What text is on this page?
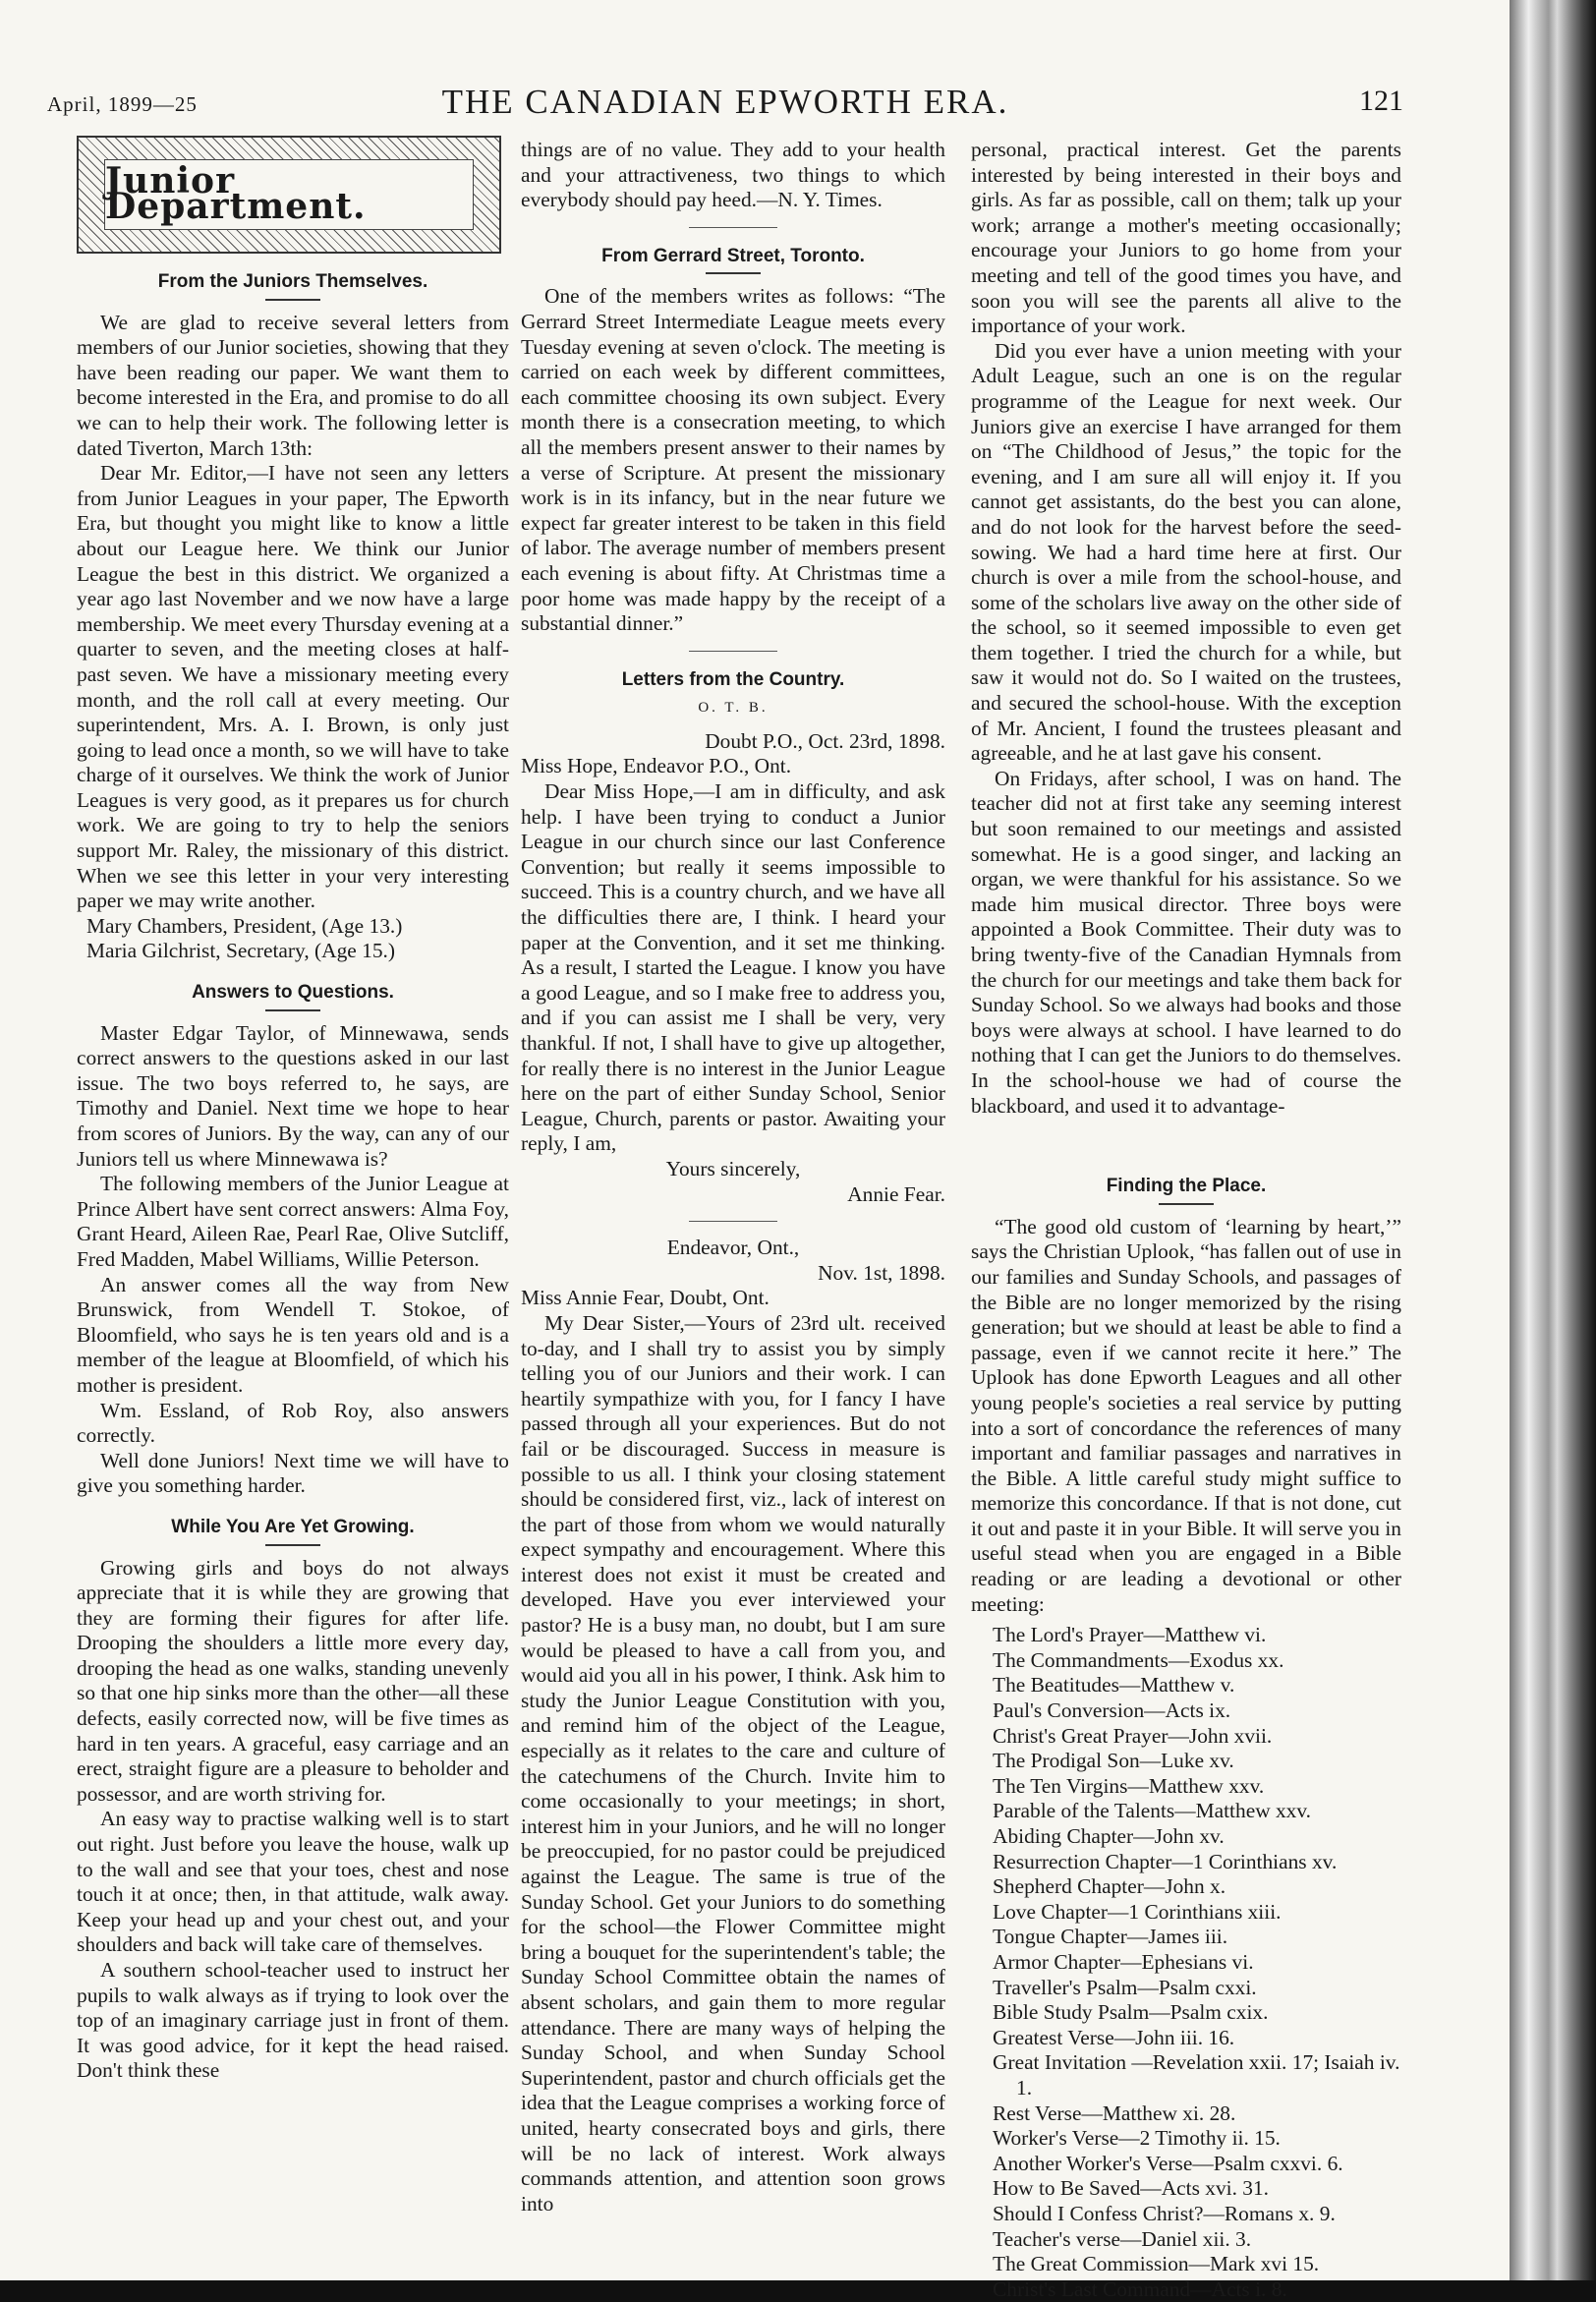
April, 1899—25	THE CANADIAN EPWORTH ERA.	121
Junior Department.
From the Juniors Themselves.

We are glad to receive several letters from members of our Junior societies, showing that they have been reading our paper. We want them to become interested in the Era, and promise to do all we can to help their work. The following letter is dated Tiverton, March 13th:

Dear Mr. Editor,—I have not seen any letters from Junior Leagues in your paper, The Epworth Era, but thought you might like to know a little about our League here. We think our Junior League the best in this district. We organized a year ago last November and we now have a large membership. We meet every Thursday evening at a quarter to seven, and the meeting closes at half-past seven. We have a missionary meeting every month, and the roll call at every meeting. Our superintendent, Mrs. A. I. Brown, is only just going to lead once a month, so we will have to take charge of it ourselves. We think the work of Junior Leagues is very good, as it prepares us for church work. We are going to try to help the seniors support Mr. Raley, the missionary of this district. When we see this letter in your very interesting paper we may write another.

Mary Chambers, President, (Age 13.)

Maria Gilchrist, Secretary, (Age 15.)

Answers to Questions.

Master Edgar Taylor, of Minnewawa, sends correct answers to the questions asked in our last issue. The two boys referred to, he says, are Timothy and Daniel. Next time we hope to hear from scores of Juniors. By the way, can any of our Juniors tell us where Minnewawa is?

The following members of the Junior League at Prince Albert have sent correct answers: Alma Foy, Grant Heard, Aileen Rae, Pearl Rae, Olive Sutcliff, Fred Madden, Mabel Williams, Willie Peterson.

An answer comes all the way from New Brunswick, from Wendell T. Stokoe, of Bloomfield, who says he is ten years old and is a member of the league at Bloomfield, of which his mother is president.

Wm. Essland, of Rob Roy, also answers correctly.

Well done Juniors! Next time we will have to give you something harder.

While You Are Yet Growing.

Growing girls and boys do not always appreciate that it is while they are growing that they are forming their figures for after life. Drooping the shoulders a little more every day, drooping the head as one walks, standing unevenly so that one hip sinks more than the other—all these defects, easily corrected now, will be five times as hard in ten years. A graceful, easy carriage and an erect, straight figure are a pleasure to beholder and possessor, and are worth striving for.

An easy way to practise walking well is to start out right. Just before you leave the house, walk up to the wall and see that your toes, chest and nose touch it at once; then, in that attitude, walk away. Keep your head up and your chest out, and your shoulders and back will take care of themselves.

A southern school-teacher used to instruct her pupils to walk always as if trying to look over the top of an imaginary carriage just in front of them. It was good advice, for it kept the head raised. Don't think these

things are of no value. They add to your health and your attractiveness, two things to which everybody should pay heed.—N. Y. Times.

From Gerrard Street, Toronto.

One of the members writes as follows: “The Gerrard Street Intermediate League meets every Tuesday evening at seven o'clock. The meeting is carried on each week by different committees, each committee choosing its own subject. Every month there is a consecration meeting, to which all the members present answer to their names by a verse of Scripture. At present the missionary work is in its infancy, but in the near future we expect far greater interest to be taken in this field of labor. The average number of members present each evening is about fifty. At Christmas time a poor home was made happy by the receipt of a substantial dinner.”

Letters from the Country.

O. T. B.

Doubt P.O., Oct. 23rd, 1898.

Miss Hope, Endeavor P.O., Ont.

Dear Miss Hope,—I am in difficulty, and ask help. I have been trying to conduct a Junior League in our church since our last Conference Convention; but really it seems impossible to succeed. This is a country church, and we have all the difficulties there are, I think. I heard your paper at the Convention, and it set me thinking. As a result, I started the League. I know you have a good League, and so I make free to address you, and if you can assist me I shall be very, very thankful. If not, I shall have to give up altogether, for really there is no interest in the Junior League here on the part of either Sunday School, Senior League, Church, parents or pastor. Awaiting your reply, I am,

Yours sincerely,

Annie Fear.

Endeavor, Ont.,

Nov. 1st, 1898.

Miss Annie Fear, Doubt, Ont.

My Dear Sister,—Yours of 23rd ult. received to-day, and I shall try to assist you by simply telling you of our Juniors and their work. I can heartily sympathize with you, for I fancy I have passed through all your experiences. But do not fail or be discouraged. Success in measure is possible to us all. I think your closing statement should be considered first, viz., lack of interest on the part of those from whom we would naturally expect sympathy and encouragement. Where this interest does not exist it must be created and developed. Have you ever interviewed your pastor? He is a busy man, no doubt, but I am sure would be pleased to have a call from you, and would aid you all in his power, I think. Ask him to study the Junior League Constitution with you, and remind him of the object of the League, especially as it relates to the care and culture of the catechumens of the Church. Invite him to come occasionally to your meetings; in short, interest him in your Juniors, and he will no longer be preoccupied, for no pastor could be prejudiced against the League. The same is true of the Sunday School. Get your Juniors to do something for the school—the Flower Committee might bring a bouquet for the superintendent's table; the Sunday School Committee obtain the names of absent scholars, and gain them to more regular attendance. There are many ways of helping the Sunday School, and when Sunday School Superintendent, pastor and church officials get the idea that the League comprises a working force of united, hearty consecrated boys and girls, there will be no lack of interest. Work always commands attention, and attention soon grows into

personal, practical interest. Get the parents interested by being interested in their boys and girls. As far as possible, call on them; talk up your work; arrange a mother's meeting occasionally; encourage your Juniors to go home from your meeting and tell of the good times you have, and soon you will see the parents all alive to the importance of your work.

Did you ever have a union meeting with your Adult League, such an one is on the regular programme of the League for next week. Our Juniors give an exercise I have arranged for them on “The Childhood of Jesus,” the topic for the evening, and I am sure all will enjoy it. If you cannot get assistants, do the best you can alone, and do not look for the harvest before the seed-sowing. We had a hard time here at first. Our church is over a mile from the school-house, and some of the scholars live away on the other side of the school, so it seemed impossible to even get them together. I tried the church for a while, but saw it would not do. So I waited on the trustees, and secured the school-house. With the exception of Mr. Ancient, I found the trustees pleasant and agreeable, and he at last gave his consent.

On Fridays, after school, I was on hand. The teacher did not at first take any seeming interest but soon remained to our meetings and assisted somewhat. He is a good singer, and lacking an organ, we were thankful for his assistance. So we made him musical director. Three boys were appointed a Book Committee. Their duty was to bring twenty-five of the Canadian Hymnals from the church for our meetings and take them back for Sunday School. So we always had books and those boys were always at school. I have learned to do nothing that I can get the Juniors to do themselves. In the school-house we had of course the blackboard, and used it to advantage-

Finding the Place.

“The good old custom of ‘learning by heart,’” says the Christian Uplook, “has fallen out of use in our families and Sunday Schools, and passages of the Bible are no longer memorized by the rising generation; but we should at least be able to find a passage, even if we cannot recite it here.” The Uplook has done Epworth Leagues and all other young people's societies a real service by putting into a sort of concordance the references of many important and familiar passages and narratives in the Bible. A little careful study might suffice to memorize this concordance. If that is not done, cut it out and paste it in your Bible. It will serve you in useful stead when you are engaged in a Bible reading or are leading a devotional or other meeting:

The Lord's Prayer—Matthew vi.
The Commandments—Exodus xx.
The Beatitudes—Matthew v.
Paul's Conversion—Acts ix.
Christ's Great Prayer—John xvii.
The Prodigal Son—Luke xv.
The Ten Virgins—Matthew xxv.
Parable of the Talents—Matthew xxv.
Abiding Chapter—John xv.
Resurrection Chapter—1 Corinthians xv.
Shepherd Chapter—John x.
Love Chapter—1 Corinthians xiii.
Tongue Chapter—James iii.
Armor Chapter—Ephesians vi.
Traveller's Psalm—Psalm cxxi.
Bible Study Psalm—Psalm cxix.
Greatest Verse—John iii. 16.
Great Invitation —Revelation xxii. 17; Isaiah iv. 1.
Rest Verse—Matthew xi. 28.
Worker's Verse—2 Timothy ii. 15.
Another Worker's Verse—Psalm cxxvi. 6.
How to Be Saved—Acts xvi. 31.
Should I Confess Christ?—Romans x. 9.
Teacher's verse—Daniel xii. 3.
The Great Commission—Mark xvi 15.
Christ's Last Command—Acts i. 8.
